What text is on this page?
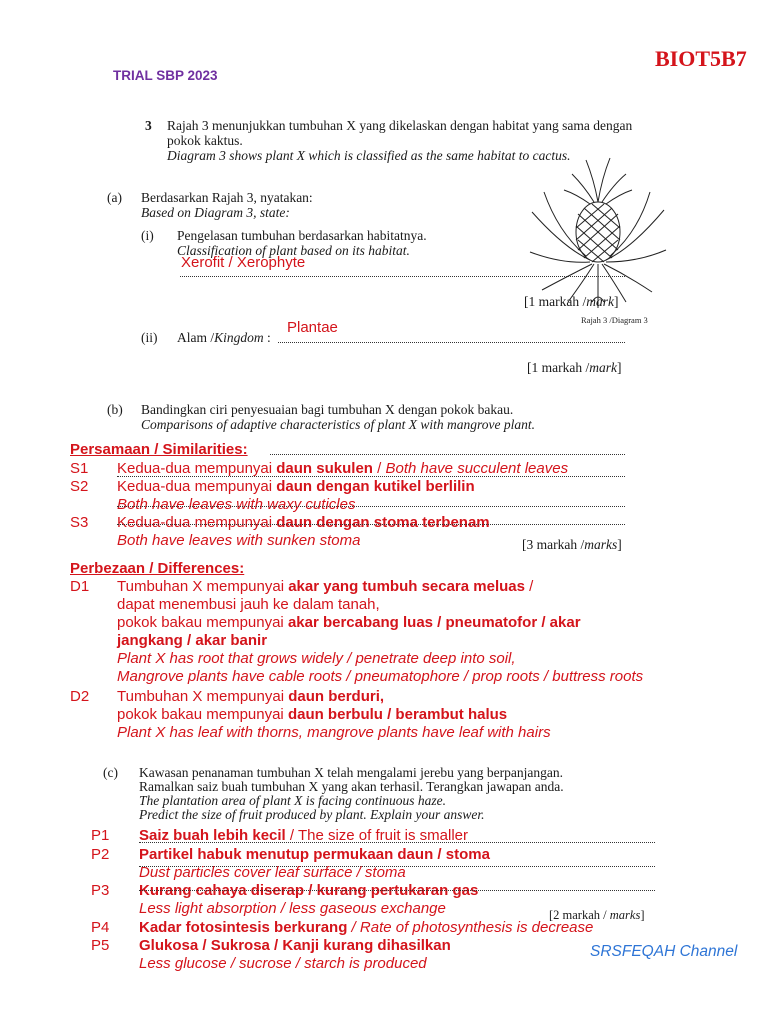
BIOT5B7
TRIAL SBP 2023
3 Rajah 3 menunjukkan tumbuhan X yang dikelaskan dengan habitat yang sama dengan
pokok kaktus.
Diagram 3 shows plant X which is classified as the same habitat to cactus.
Rajah 3 /Diagram 3
(a) Berdasarkan Rajah 3, nyatakan:
Based on Diagram 3, state:
(i) Pengelasan tumbuhan berdasarkan habitatnya.
Classification of plant based on its habitat.
Xerofit / Xerophyte
[1 markah /mark]
(ii) Alam /Kingdom :
Plantae
[1 markah /mark]
(b) Bandingkan ciri penyesuaian bagi tumbuhan X dengan pokok bakau.
Comparisons of adaptive characteristics of plant X with mangrove plant.
Persamaan / Similarities:
S1 Kedua-dua mempunyai daun sukulen / Both have succulent leaves
S2 Kedua-dua mempunyai daun dengan kutikel berlilin
Both have leaves with waxy cuticles
S3 Kedua-dua mempunyai daun dengan stoma terbenam
Both have leaves with sunken stoma	[3 markah /marks]
Perbezaan / Differences:
D1 Tumbuhan X mempunyai akar yang tumbuh secara meluas /
dapat menembusi jauh ke dalam tanah,
pokok bakau mempunyai akar bercabang luas / pneumatofor / akar
jangkang / akar banir
Plant X has root that grows widely / penetrate deep into soil,
Mangrove plants have cable roots / pneumatophore / prop roots / buttress roots
D2 Tumbuhan X mempunyai daun berduri,
pokok bakau mempunyai daun berbulu / berambut halus
Plant X has leaf with thorns, mangrove plants have leaf with hairs
(c) Kawasan penanaman tumbuhan X telah mengalami jerebu yang berpanjangan.
Ramalkan saiz buah tumbuhan X yang akan terhasil. Terangkan jawapan anda.
The plantation area of plant X is facing continuous haze.
Predict the size of fruit produced by plant. Explain your answer.
P1 Saiz buah lebih kecil / The size of fruit is smaller
P2 Partikel habuk menutup permukaan daun / stoma
Dust particles cover leaf surface / stoma
P3 Kurang cahaya diserap / kurang pertukaran gas
Less light absorption / less gaseous exchange	[2 markah / marks]
P4 Kadar fotosintesis berkurang / Rate of photosynthesis is decrease
P5 Glukosa / Sukrosa / Kanji kurang dihasilkan
Less glucose / sucrose / starch is produced
SRSFEQAH Channel
